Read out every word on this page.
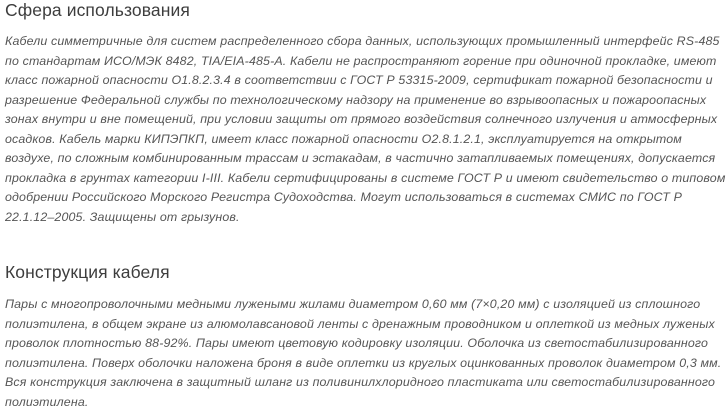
Сфера использования
Кабели симметричные для систем распределенного сбора данных, использующих промышленный интерфейс RS-485
по стандартам ИСО/МЭК 8482, TIA/EIA-485-A. Кабели не распространяют горение при одиночной прокладке, имеют
класс пожарной опасности О1.8.2.3.4 в соответствии с ГОСТ Р 53315-2009, сертификат пожарной безопасности и
разрешение Федеральной службы по технологическому надзору на применение во взрывоопасных и пожароопасных
зонах внутри и вне помещений, при условии защиты от прямого воздействия солнечного излучения и атмосферных
осадков. Кабель марки КИПЭПКП, имеет класс пожарной опасности О2.8.1.2.1, эксплуатируется на открытом
воздухе, по сложным комбинированным трассам и эстакадам, в частично затапливаемых помещениях, допускается
прокладка в грунтах категории I-III. Кабели сертифицированы в системе ГОСТ Р и имеют свидетельство о типовом
одобрении Российского Морского Регистра Судоходства. Могут использоваться в системах СМИС по ГОСТ Р
22.1.12–2005. Защищены от грызунов.
Конструкция кабеля
Пары с многопроволочными медными лужеными жилами диаметром 0,60 мм (7×0,20 мм) с изоляцией из сплошного
полиэтилена, в общем экране из алюмолавсановой ленты с дренажным проводником и оплеткой из медных луженых
проволок плотностью 88-92%. Пары имеют цветовую кодировку изоляции. Оболочка из светостабилизированного
полиэтилена. Поверх оболочки наложена броня в виде оплетки из круглых оцинкованных проволок диаметром 0,3 мм.
Вся конструкция заключена в защитный шланг из поливинилхлоридного пластиката или светостабилизированного
полиэтилена.
